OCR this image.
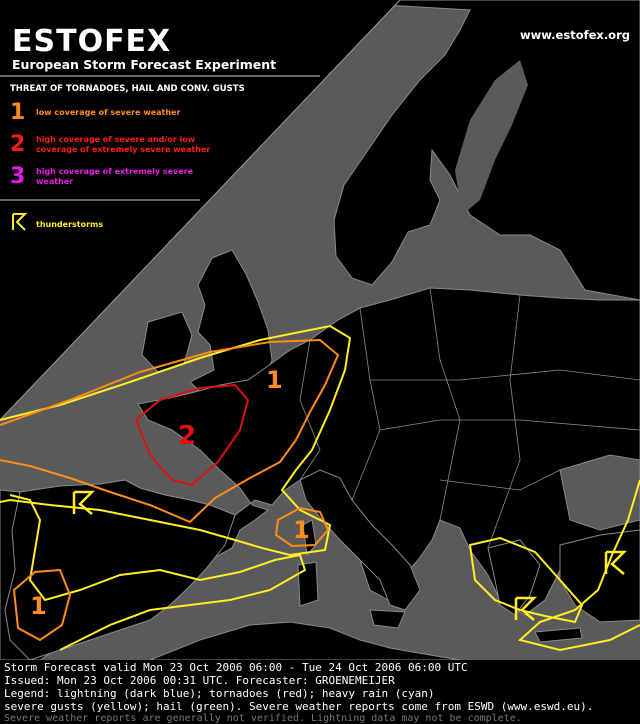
1
2
1
1
ESTOFEX
European Storm Forecast Experiment
www.estofex.org
THREAT OF TORNADOES, HAIL AND CONV. GUSTS
1	low coverage of severe weather
2	high coverage of severe and/or low coverage of extremely severe weather
3	high coverage of extremely severe weather
thunderstorms
Storm Forecast valid Mon 23 Oct 2006 06:00 - Tue 24 Oct 2006 06:00 UTC
Issued: Mon 23 Oct 2006 00:31 UTC. Forecaster: GROENEMEIJER
Legend: lightning (dark blue); tornadoes (red); heavy rain (cyan)
severe gusts (yellow); hail (green). Severe weather reports come from ESWD (www.eswd.eu).
Severe weather reports are generally not verified. Lightning data may not be complete.
